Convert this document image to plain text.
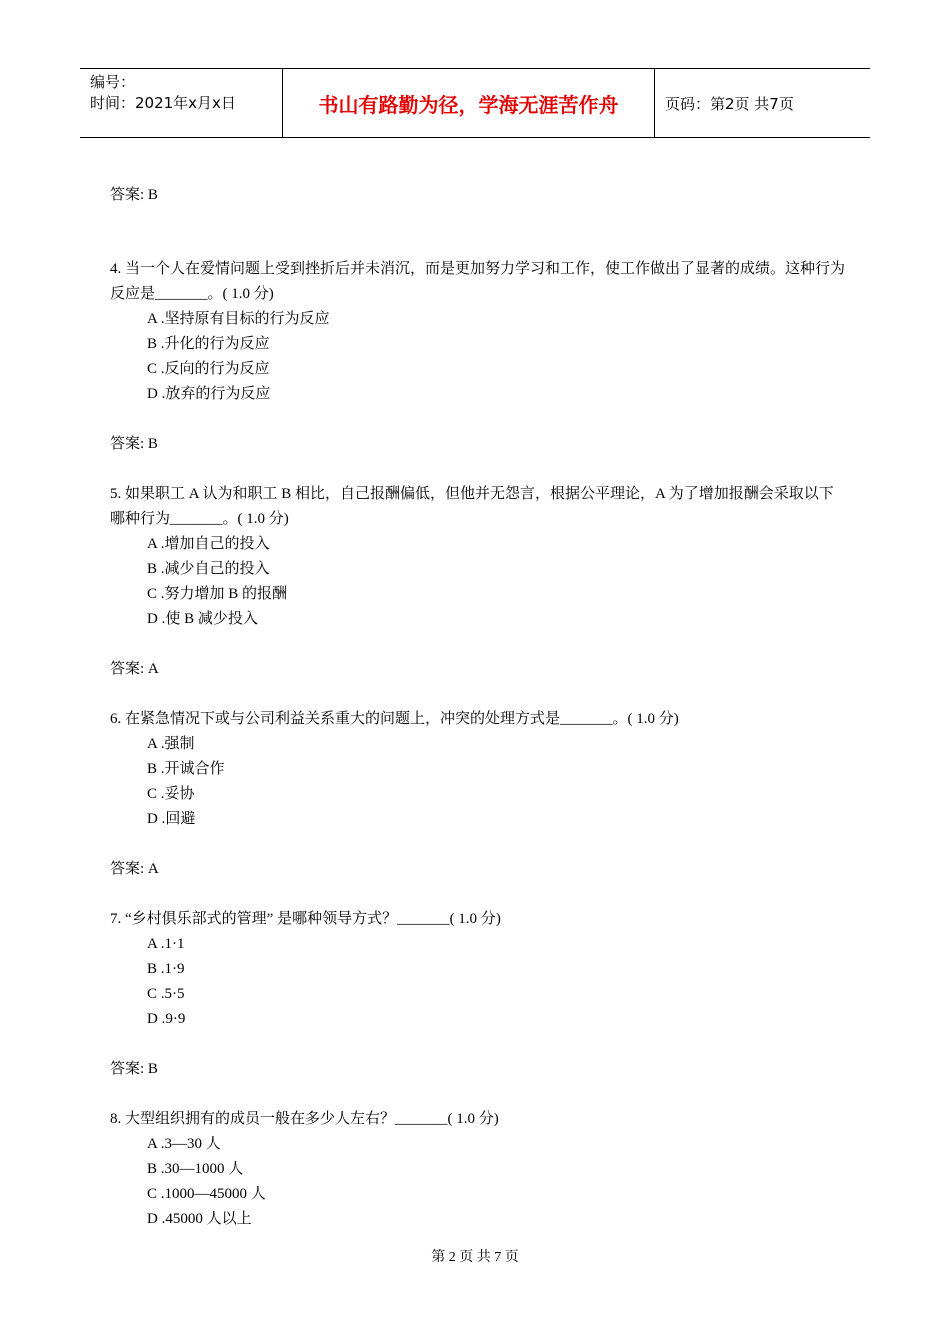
编号：
时间：2021年x月x日	书山有路勤为径，学海无涯苦作舟	页码：第2页 共7页
答案: B
4. 当一个人在爱情问题上受到挫折后并未消沉，而是更加努力学习和工作，使工作做出了显著的成绩。这种行为反应是_______。( 1.0 分)
A .坚持原有目标的行为反应
B .升化的行为反应
C .反向的行为反应
D .放弃的行为反应
答案: B
5. 如果职工 A 认为和职工 B 相比，自己报酬偏低，但他并无怨言，根据公平理论，A 为了增加报酬会采取以下哪种行为_______。( 1.0 分)
A .增加自己的投入
B .减少自己的投入
C .努力增加 B 的报酬
D .使 B 减少投入
答案: A
6. 在紧急情况下或与公司利益关系重大的问题上，冲突的处理方式是_______。( 1.0 分)
A .强制
B .开诚合作
C .妥协
D .回避
答案: A
7. “乡村俱乐部式的管理” 是哪种领导方式？_______( 1.0 分)
A .1·1
B .1·9
C .5·5
D .9·9
答案: B
8. 大型组织拥有的成员一般在多少人左右？_______( 1.0 分)
A .3—30 人
B .30—1000 人
C .1000—45000 人
D .45000 人以上
第 2 页 共 7 页
